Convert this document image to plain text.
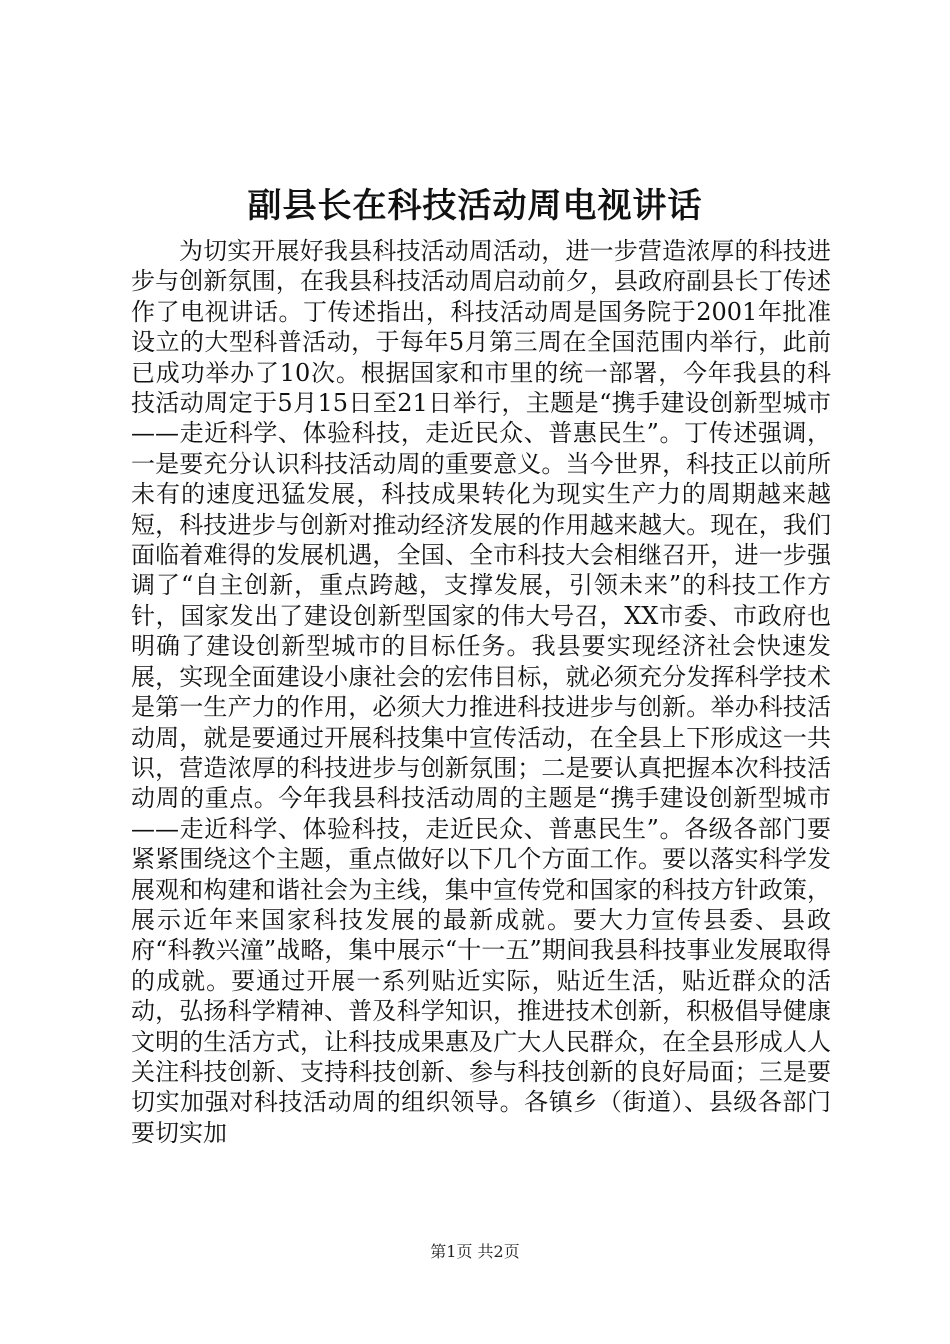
副县长在科技活动周电视讲话

为切实开展好我县科技活动周活动，进一步营造浓厚的科技进步与创新氛围，在我县科技活动周启动前夕，县政府副县长丁传述作了电视讲话。丁传述指出，科技活动周是国务院于2001年批准设立的大型科普活动，于每年5月第三周在全国范围内举行，此前已成功举办了10次。根据国家和市里的统一部署，今年我县的科技活动周定于5月15日至21日举行，主题是“携手建设创新型城市——走近科学、体验科技，走近民众、普惠民生”。丁传述强调，一是要充分认识科技活动周的重要意义。当今世界，科技正以前所未有的速度迅猛发展，科技成果转化为现实生产力的周期越来越短，科技进步与创新对推动经济发展的作用越来越大。现在，我们面临着难得的发展机遇，全国、全市科技大会相继召开，进一步强调了“自主创新，重点跨越，支撑发展，引领未来”的科技工作方针，国家发出了建设创新型国家的伟大号召，XX市委、市政府也明确了建设创新型城市的目标任务。我县要实现经济社会快速发展，实现全面建设小康社会的宏伟目标，就必须充分发挥科学技术是第一生产力的作用，必须大力推进科技进步与创新。举办科技活动周，就是要通过开展科技集中宣传活动，在全县上下形成这一共识，营造浓厚的科技进步与创新氛围；二是要认真把握本次科技活动周的重点。今年我县科技活动周的主题是“携手建设创新型城市——走近科学、体验科技，走近民众、普惠民生”。各级各部门要紧紧围绕这个主题，重点做好以下几个方面工作。要以落实科学发展观和构建和谐社会为主线，集中宣传党和国家的科技方针政策，展示近年来国家科技发展的最新成就。要大力宣传县委、县政府“科教兴潼”战略，集中展示“十一五”期间我县科技事业发展取得的成就。要通过开展一系列贴近实际，贴近生活，贴近群众的活动，弘扬科学精神、普及科学知识，推进技术创新，积极倡导健康文明的生活方式，让科技成果惠及广大人民群众，在全县形成人人关注科技创新、支持科技创新、参与科技创新的良好局面；三是要切实加强对科技活动周的组织领导。各镇乡（街道）、县级各部门要切实加

第1页 共2页
